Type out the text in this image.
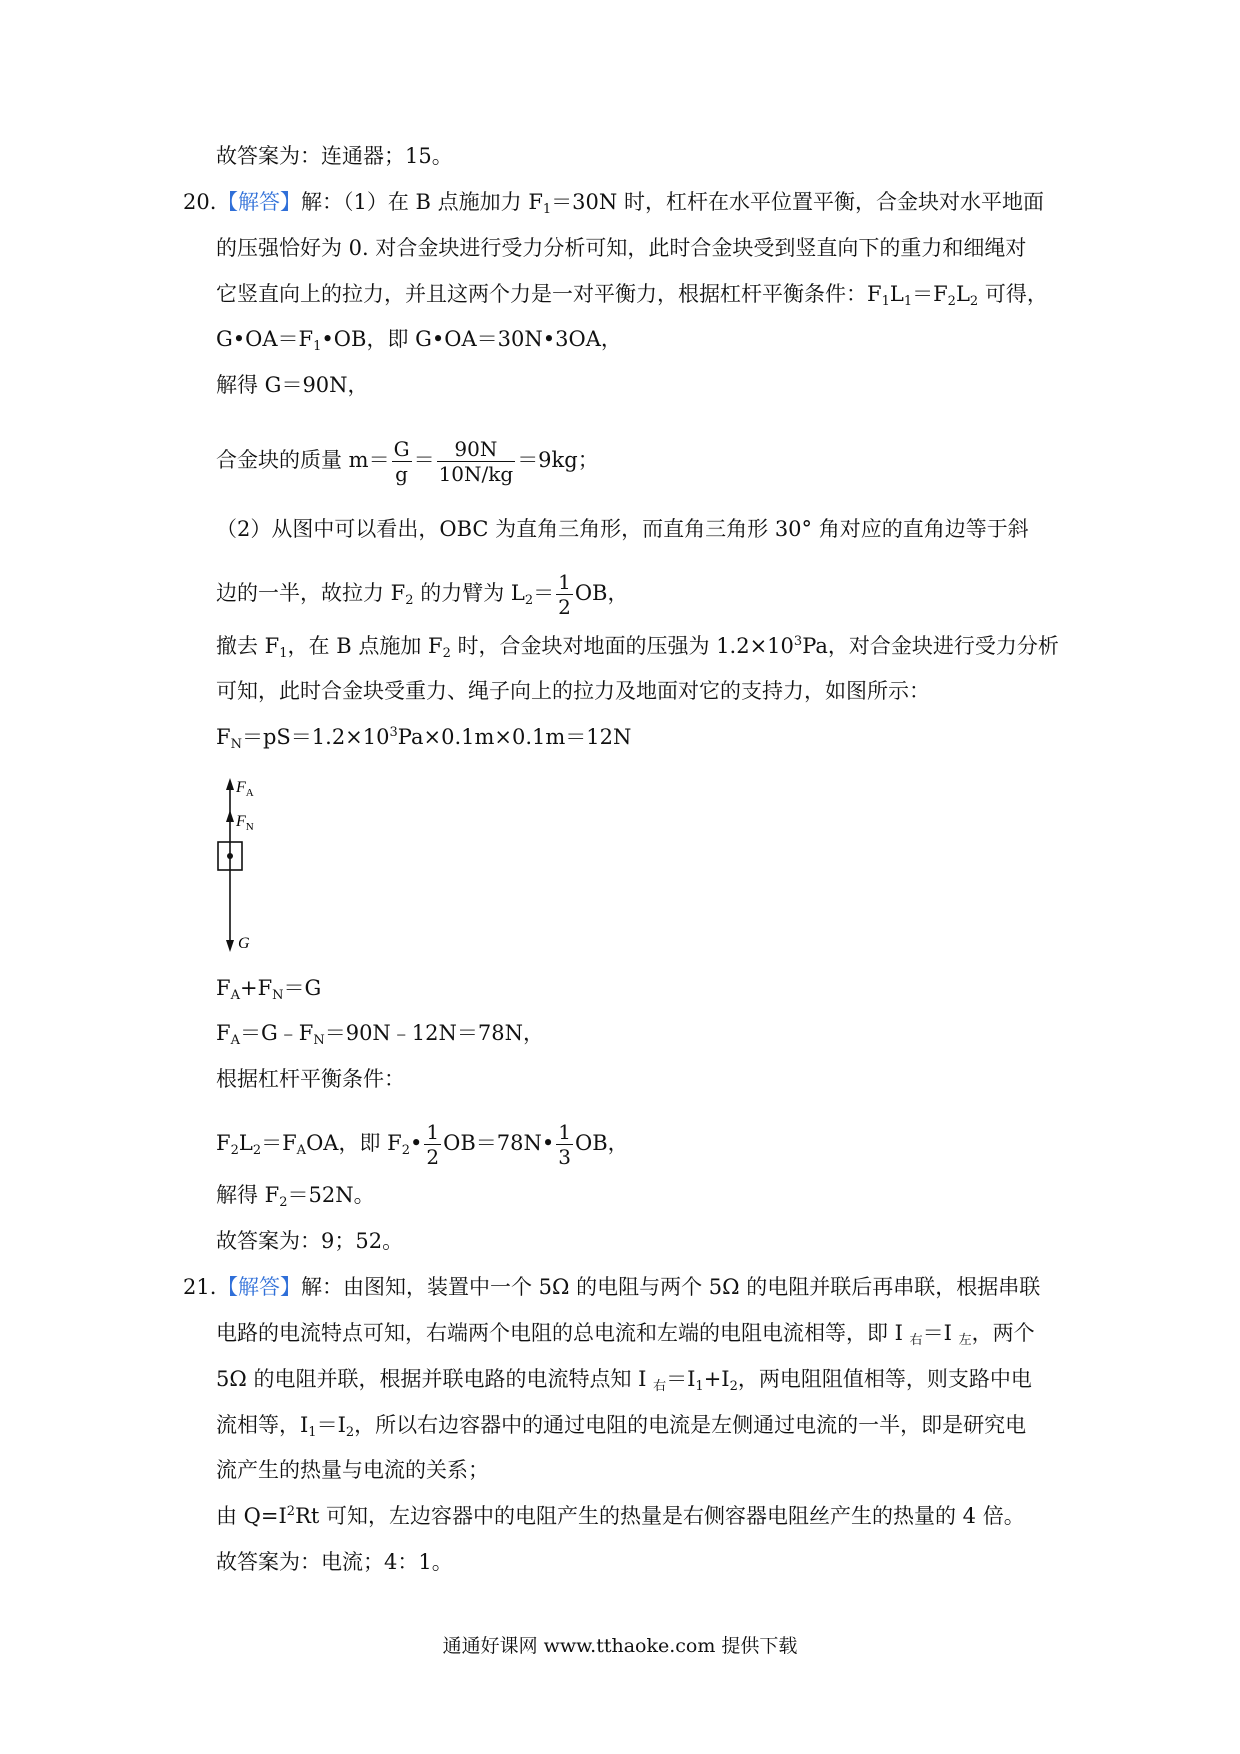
故答案为：连通器；15。
20. 【解答】解：（1）在 B 点施加力 $F_1=30N$ 时，杠杆在水平位置平衡，合金块对水平地面
的压强恰好为 0. 对合金块进行受力分析可知，此时合金块受到竖直向下的重力和细绳对
它竖直向上的拉力，并且这两个力是一对平衡力，根据杠杆平衡条件：$F_1L_1=F_2L_2$ 可得，
$G•OA=F_1•OB$，即 G•OA＝30N•3OA，
解得 G＝90N，
合金块的质量 $m= \frac{G}{g} = \frac{90N}{10N/kg} =9kg$；
（2）从图中可以看出，OBC 为直角三角形，而直角三角形 30° 角对应的直角边等于斜
边的一半，故拉力 $F_2$ 的力臂为 $L_2= \frac{1}{2}$ OB，
撤去 $F_1$，在 B 点施加 $F_2$ 时，合金块对地面的压强为 $1.2\times 10^3Pa$，对合金块进行受力分析
可知，此时合金块受重力、绳子向上的拉力及地面对它的支持力，如图所示：
$F_N=pS=1.2\times 10^3Pa\times 0.1m\times 0.1m=12N$
$F_A$
$F_N$
G
$F_A+F_N=G$
$F_A=G﹣F_N=90N﹣12N=78N$，
根据杠杆平衡条件：
$F_2L_2=F_AOA$，即 $F_2• \frac{1}{2}$ OB＝78N• $\frac{1}{3}$ OB，
解得 $F_2=52N$。
故答案为：9；52。
21. 【解答】解：由图知，装置中一个 5Ω 的电阻与两个 5Ω 的电阻并联后再串联，根据串联
电路的电流特点可知，右端两个电阻的总电流和左端的电阻电流相等，即 I $_右$＝I $_左$，两个
5Ω 的电阻并联，根据并联电路的电流特点知 I $_右=I_1+I_2$，两电阻阻值相等，则支路中电
流相等，$I_1=I_2$，所以右边容器中的通过电阻的电流是左侧通过电流的一半，即是研究电
流产生的热量与电流的关系；
由 $Q=I^2Rt$ 可知，左边容器中的电阻产生的热量是右侧容器电阻丝产生的热量的 4 倍。
故答案为：电流；4：1。
通通好课网 www.tthaoke.com 提供下载
